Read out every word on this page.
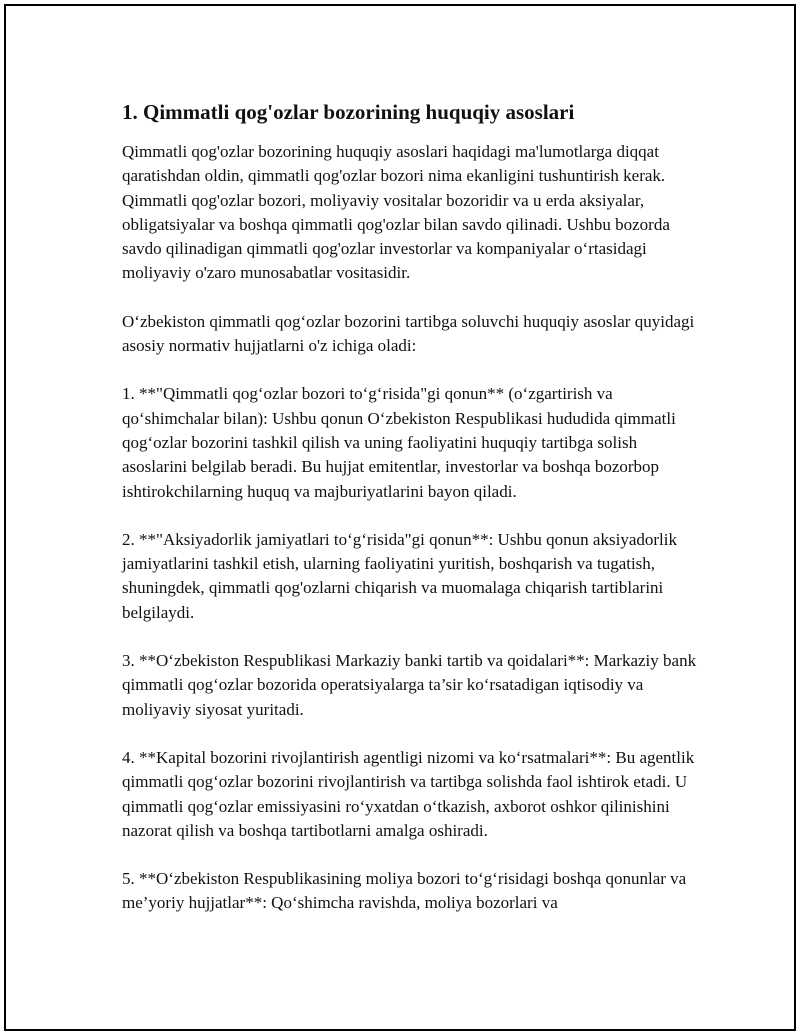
1. Qimmatli qog'ozlar bozorining huquqiy asoslari

Qimmatli qog'ozlar bozorining huquqiy asoslari haqidagi ma'lumotlarga diqqat qaratishdan oldin, qimmatli qog'ozlar bozori nima ekanligini tushuntirish kerak. Qimmatli qog'ozlar bozori, moliyaviy vositalar bozoridir va u erda aksiyalar, obligatsiyalar va boshqa qimmatli qog'ozlar bilan savdo qilinadi. Ushbu bozorda savdo qilinadigan qimmatli qog'ozlar investorlar va kompaniyalar o‘rtasidagi moliyaviy o'zaro munosabatlar vositasidir.

O‘zbekiston qimmatli qog‘ozlar bozorini tartibga soluvchi huquqiy asoslar quyidagi asosiy normativ hujjatlarni o'z ichiga oladi:

1. **"Qimmatli qog‘ozlar bozori to‘g‘risida"gi qonun** (o‘zgartirish va qo‘shimchalar bilan): Ushbu qonun O‘zbekiston Respublikasi hududida qimmatli qog‘ozlar bozorini tashkil qilish va uning faoliyatini huquqiy tartibga solish asoslarini belgilab beradi. Bu hujjat emitentlar, investorlar va boshqa bozorbop ishtirokchilarning huquq va majburiyatlarini bayon qiladi.

2. **"Aksiyadorlik jamiyatlari to‘g‘risida"gi qonun**: Ushbu qonun aksiyadorlik jamiyatlarini tashkil etish, ularning faoliyatini yuritish, boshqarish va tugatish, shuningdek, qimmatli qog'ozlarni chiqarish va muomalaga chiqarish tartiblarini belgilaydi.

3. **O‘zbekiston Respublikasi Markaziy banki tartib va qoidalari**: Markaziy bank qimmatli qog‘ozlar bozorida operatsiyalarga ta’sir ko‘rsatadigan iqtisodiy va moliyaviy siyosat yuritadi.

4. **Kapital bozorini rivojlantirish agentligi nizomi va ko‘rsatmalari**: Bu agentlik qimmatli qog‘ozlar bozorini rivojlantirish va tartibga solishda faol ishtirok etadi. U qimmatli qog‘ozlar emissiyasini ro‘yxatdan o‘tkazish, axborot oshkor qilinishini nazorat qilish va boshqa tartibotlarni amalga oshiradi.

5. **O‘zbekiston Respublikasining moliya bozori to‘g‘risidagi boshqa qonunlar va me’yoriy hujjatlar**: Qo‘shimcha ravishda, moliya bozorlari va
